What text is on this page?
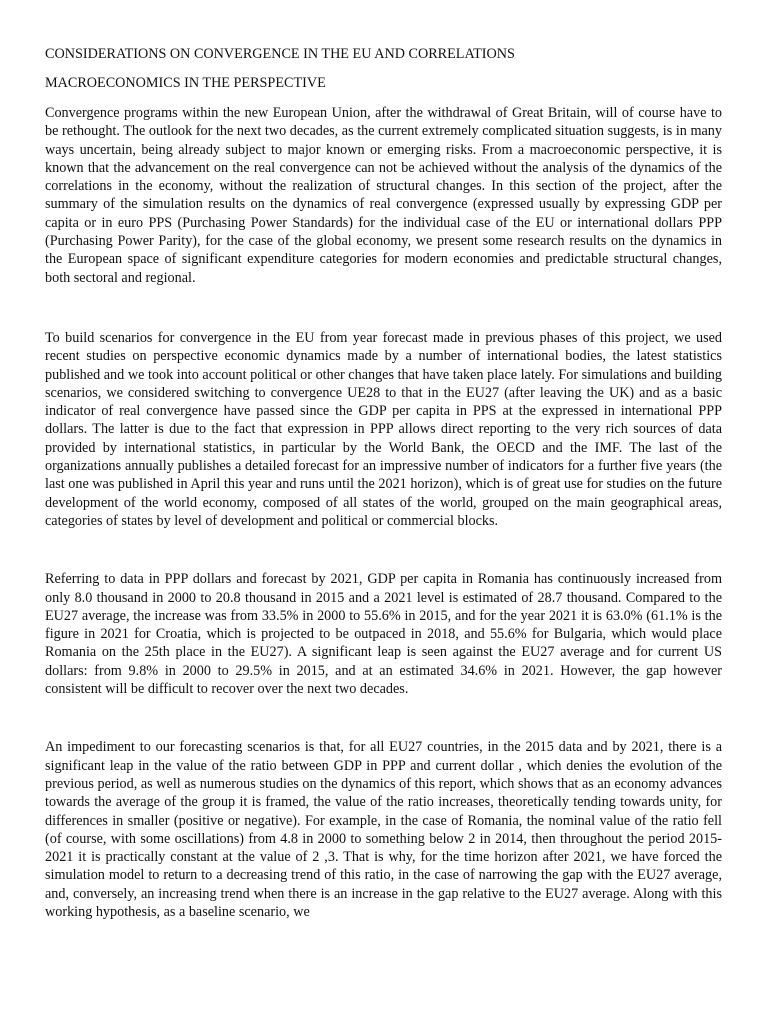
CONSIDERATIONS ON CONVERGENCE IN THE EU AND CORRELATIONS
MACROECONOMICS IN THE PERSPECTIVE

Convergence programs within the new European Union, after the withdrawal of Great Britain, will of course have to be rethought. The outlook for the next two decades, as the current extremely complicated situation suggests, is in many ways uncertain, being already subject to major known or emerging risks. From a macroeconomic perspective, it is known that the advancement on the real convergence can not be achieved without the analysis of the dynamics of the correlations in the economy, without the realization of structural changes. In this section of the project, after the summary of the simulation results on the dynamics of real convergence (expressed usually by expressing GDP per capita or in euro PPS (Purchasing Power Standards) for the individual case of the EU or international dollars PPP (Purchasing Power Parity), for the case of the global economy, we present some research results on the dynamics in the European space of significant expenditure categories for modern economies and predictable structural changes, both sectoral and regional.

To build scenarios for convergence in the EU from year forecast made in previous phases of this project, we used recent studies on perspective economic dynamics made by a number of international bodies, the latest statistics published and we took into account political or other changes that have taken place lately. For simulations and building scenarios, we considered switching to convergence UE28 to that in the EU27 (after leaving the UK) and as a basic indicator of real convergence have passed since the GDP per capita in PPS at the expressed in international PPP dollars. The latter is due to the fact that expression in PPP allows direct reporting to the very rich sources of data provided by international statistics, in particular by the World Bank, the OECD and the IMF. The last of the organizations annually publishes a detailed forecast for an impressive number of indicators for a further five years (the last one was published in April this year and runs until the 2021 horizon), which is of great use for studies on the future development of the world economy, composed of all states of the world, grouped on the main geographical areas, categories of states by level of development and political or commercial blocks.

Referring to data in PPP dollars and forecast by 2021, GDP per capita in Romania has continuously increased from only 8.0 thousand in 2000 to 20.8 thousand in 2015 and a 2021 level is estimated of 28.7 thousand. Compared to the EU27 average, the increase was from 33.5% in 2000 to 55.6% in 2015, and for the year 2021 it is 63.0% (61.1% is the figure in 2021 for Croatia, which is projected to be outpaced in 2018, and 55.6% for Bulgaria, which would place Romania on the 25th place in the EU27). A significant leap is seen against the EU27 average and for current US dollars: from 9.8% in 2000 to 29.5% in 2015, and at an estimated 34.6% in 2021. However, the gap however consistent will be difficult to recover over the next two decades.

An impediment to our forecasting scenarios is that, for all EU27 countries, in the 2015 data and by 2021, there is a significant leap in the value of the ratio between GDP in PPP and current dollar , which denies the evolution of the previous period, as well as numerous studies on the dynamics of this report, which shows that as an economy advances towards the average of the group it is framed, the value of the ratio increases, theoretically tending towards unity, for differences in smaller (positive or negative). For example, in the case of Romania, the nominal value of the ratio fell (of course, with some oscillations) from 4.8 in 2000 to something below 2 in 2014, then throughout the period 2015-2021 it is practically constant at the value of 2 ,3. That is why, for the time horizon after 2021, we have forced the simulation model to return to a decreasing trend of this ratio, in the case of narrowing the gap with the EU27 average, and, conversely, an increasing trend when there is an increase in the gap relative to the EU27 average. Along with this working hypothesis, as a baseline scenario, we
